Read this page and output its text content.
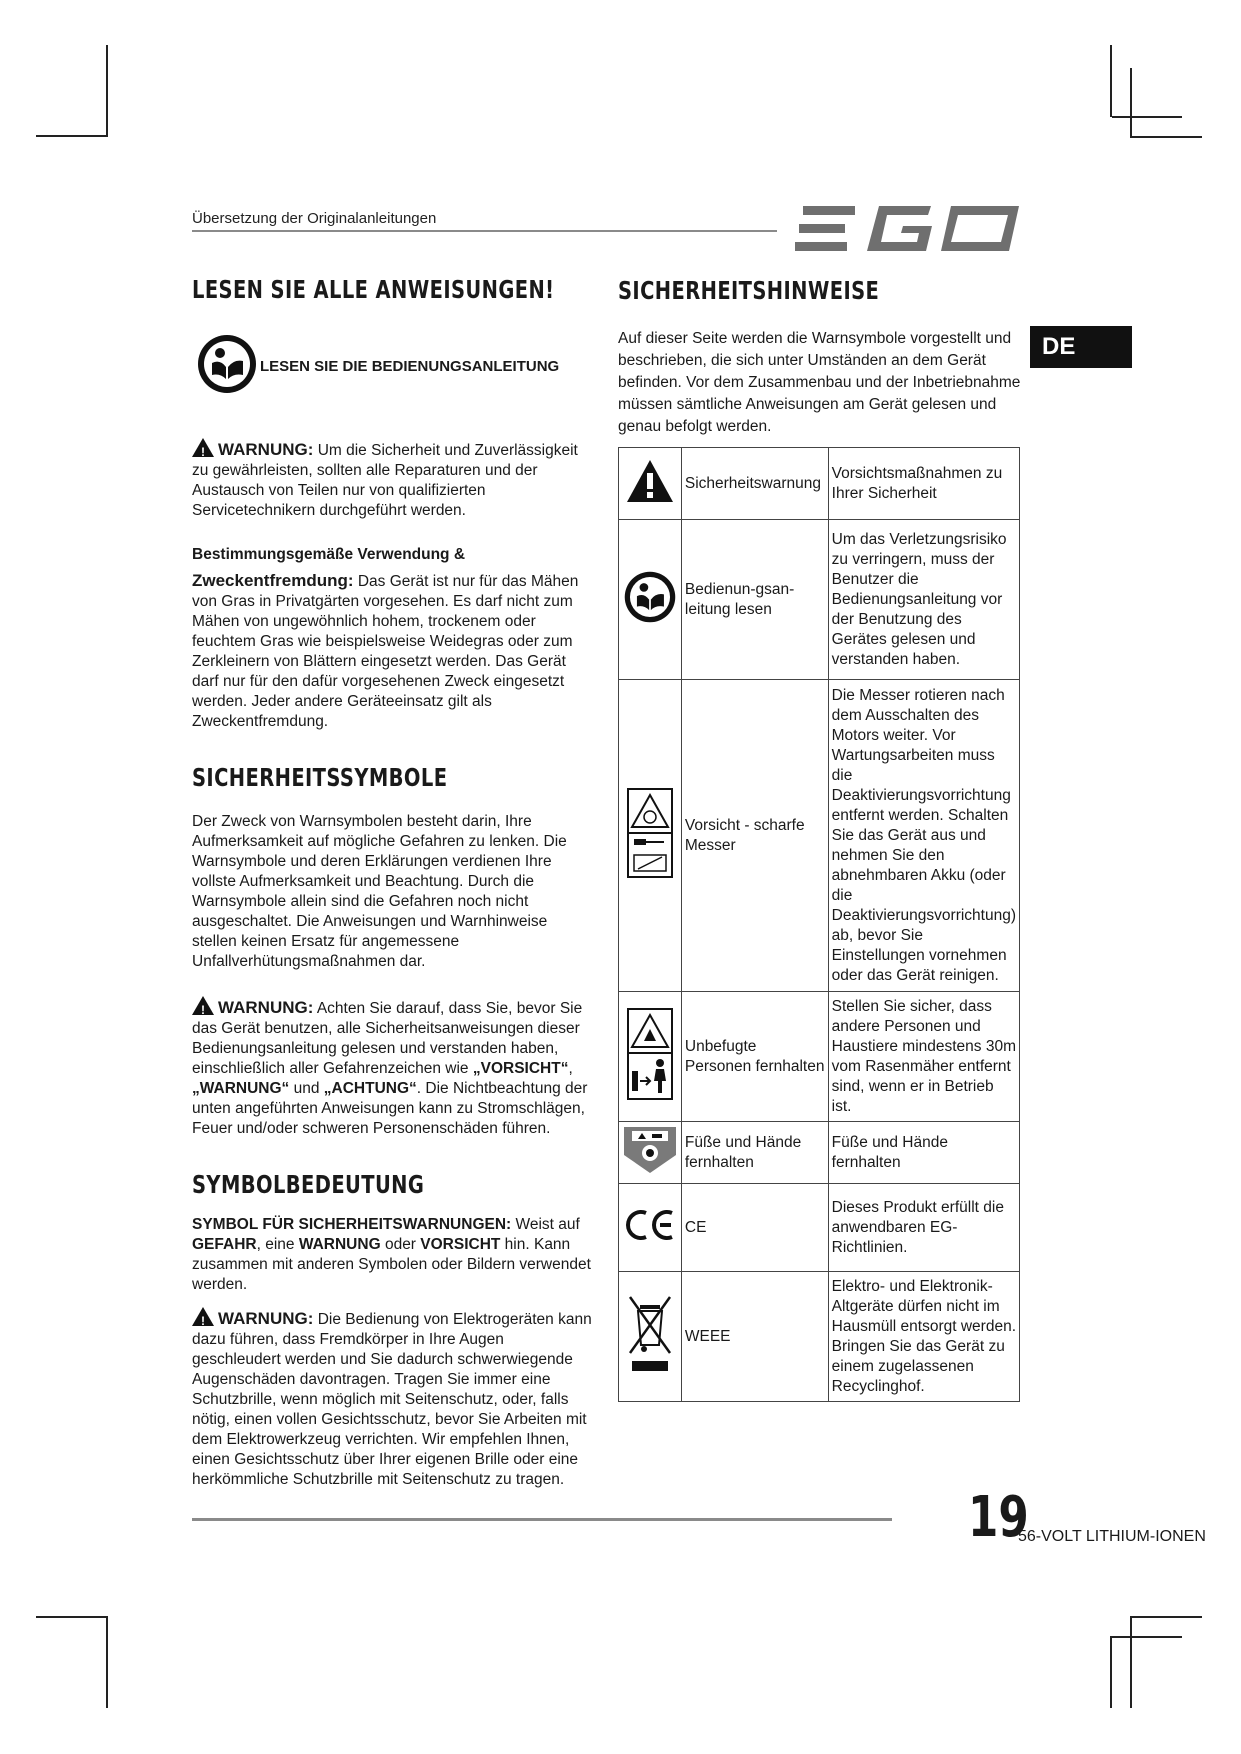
Übersetzung der Originalanleitungen
DE
LESEN SIE ALLE ANWEISUNGEN!
LESEN SIE DIE BEDIENUNGSANLEITUNG

!WARNUNG: Um die Sicherheit und Zuverlässigkeit zu gewährleisten, sollten alle Reparaturen und der Austausch von Teilen nur von qualifizierten Servicetechnikern durchgeführt werden.

Bestimmungsgemäße Verwendung &

Zweckentfremdung: Das Gerät ist nur für das Mähen von Gras in Privatgärten vorgesehen. Es darf nicht zum Mähen von ungewöhnlich hohem, trockenem oder feuchtem Gras wie beispielsweise Weidegras oder zum Zerkleinern von Blättern eingesetzt werden. Das Gerät darf nur für den dafür vorgesehenen Zweck eingesetzt werden. Jeder andere Geräteeinsatz gilt als Zweckentfremdung.

SICHERHEITSSYMBOLE

Der Zweck von Warnsymbolen besteht darin, Ihre Aufmerksamkeit auf mögliche Gefahren zu lenken. Die Warnsymbole und deren Erklärungen verdienen Ihre vollste Aufmerksamkeit und Beachtung. Durch die Warnsymbole allein sind die Gefahren noch nicht ausgeschaltet. Die Anweisungen und Warnhinweise stellen keinen Ersatz für angemessene Unfallverhütungsmaßnahmen dar.

!WARNUNG: Achten Sie darauf, dass Sie, bevor Sie das Gerät benutzen, alle Sicherheitsanweisungen dieser Bedienungsanleitung gelesen und verstanden haben, einschließlich aller Gefahrenzeichen wie „VORSICHT“, „WARNUNG“ und „ACHTUNG“. Die Nichtbeachtung der unten angeführten Anweisungen kann zu Stromschlägen, Feuer und/oder schweren Personenschäden führen.

SYMBOLBEDEUTUNG

SYMBOL FÜR SICHERHEITSWARNUNGEN: Weist auf GEFAHR, eine WARNUNG oder VORSICHT hin. Kann zusammen mit anderen Symbolen oder Bildern verwendet werden.

!WARNUNG: Die Bedienung von Elektrogeräten kann dazu führen, dass Fremdkörper in Ihre Augen geschleudert werden und Sie dadurch schwerwiegende Augenschäden davontragen. Tragen Sie immer eine Schutzbrille, wenn möglich mit Seitenschutz, oder, falls nötig, einen vollen Gesichtsschutz, bevor Sie Arbeiten mit dem Elektrowerkzeug verrichten. Wir empfehlen Ihnen, einen Gesichtsschutz über Ihrer eigenen Brille oder eine herkömmliche Schutzbrille mit Seitenschutz zu tragen.

SICHERHEITSHINWEISE

Auf dieser Seite werden die Warnsymbole vorgestellt und beschrieben, die sich unter Umständen an dem Gerät befinden. Vor dem Zusammenbau und der Inbetriebnahme müssen sämtliche Anweisungen am Gerät gelesen und genau befolgt werden.

	Sicherheitswarnung	Vorsichtsmaßnahmen zu Ihrer Sicherheit
	Bedienun-gsan-leitung lesen	Um das Verletzungsrisiko zu verringern, muss der Benutzer die Bedienungsanleitung vor der Benutzung des Gerätes gelesen und verstanden haben.
	Vorsicht - scharfe Messer	Die Messer rotieren nach dem Ausschalten des Motors weiter. Vor Wartungsarbeiten muss die Deaktivierungsvorrichtung entfernt werden. Schalten Sie das Gerät aus und nehmen Sie den abnehmbaren Akku (oder die Deaktivierungsvorrichtung) ab, bevor Sie Einstellungen vornehmen oder das Gerät reinigen.
	Unbefugte Personen fernhalten	Stellen Sie sicher, dass andere Personen und Haustiere mindestens 30m vom Rasenmäher entfernt sind, wenn er in Betrieb ist.
	Füße und Hände fernhalten	Füße und Hände fernhalten
	CE	Dieses Produkt erfüllt die anwendbaren EG-Richtlinien.
	WEEE	Elektro- und Elektronik-Altgeräte dürfen nicht im Hausmüll entsorgt werden. Bringen Sie das Gerät zu einem zugelassenen Recyclinghof.
19
56-VOLT LITHIUM-IONEN
